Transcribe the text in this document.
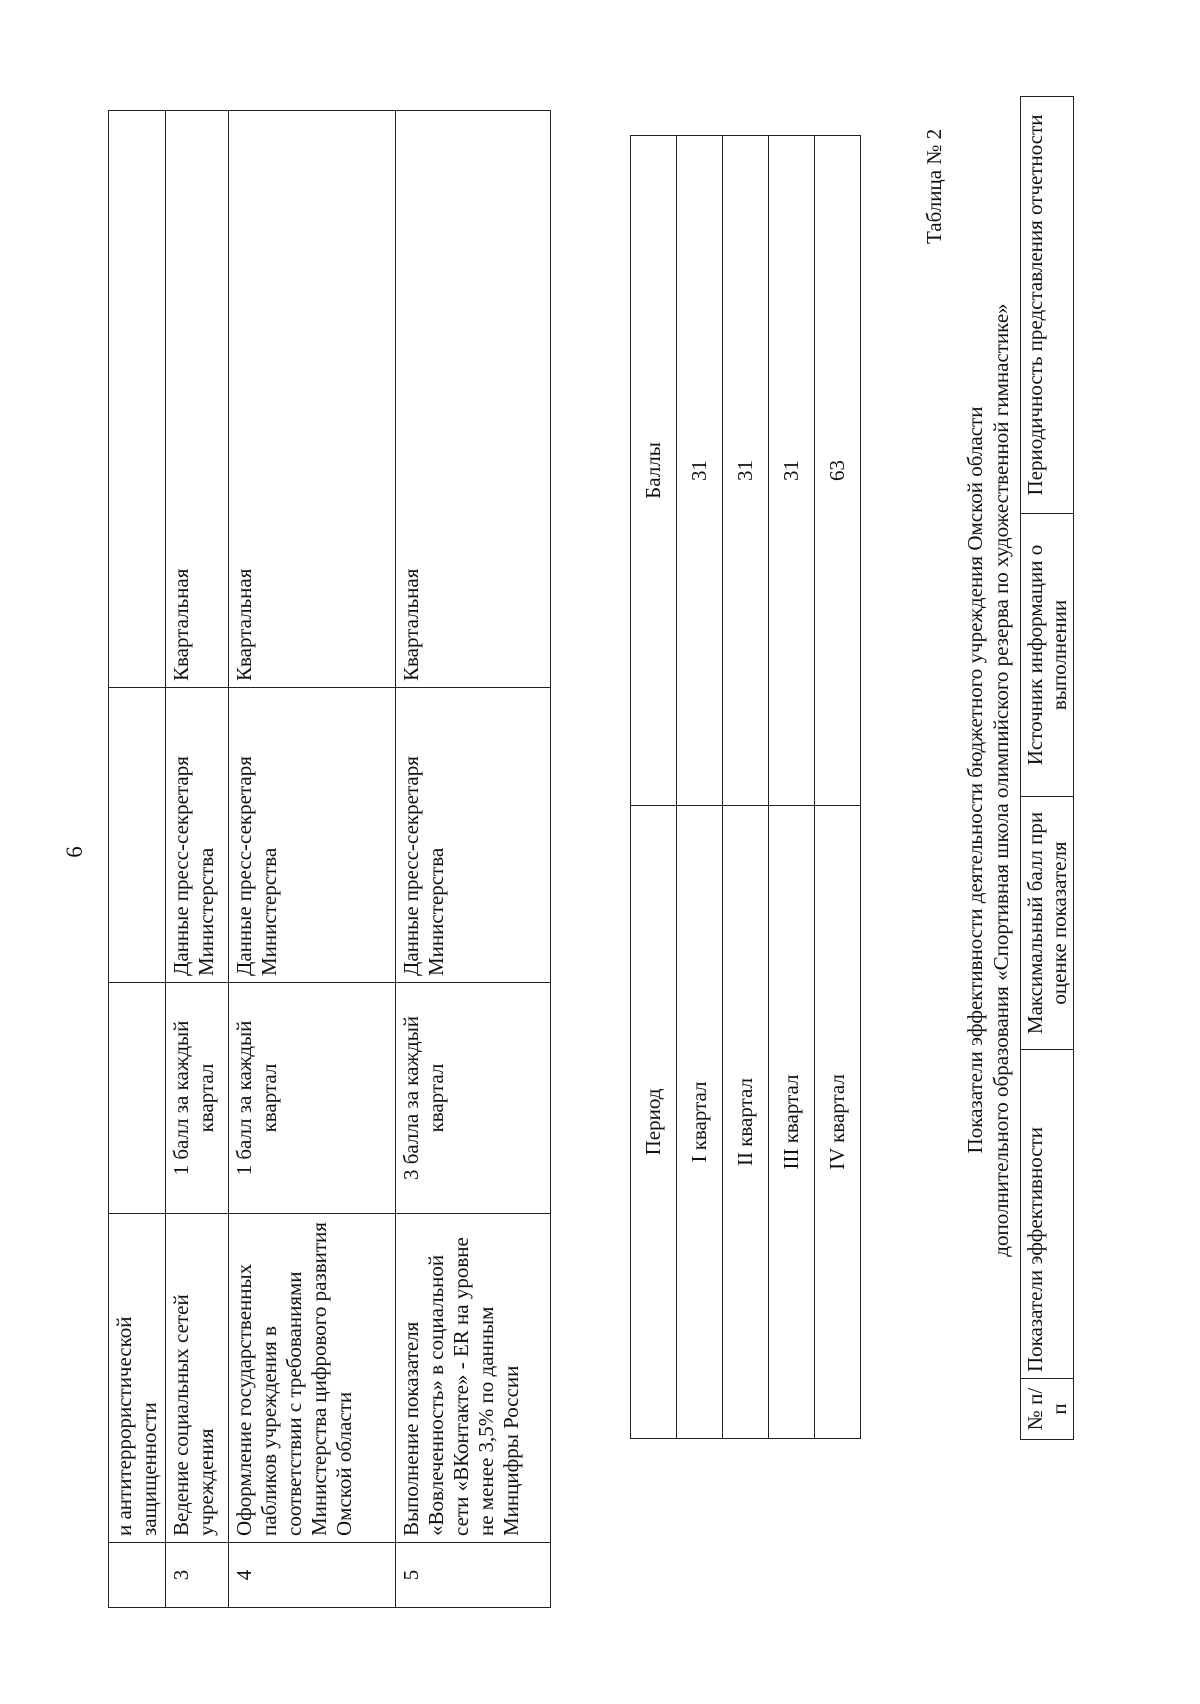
6
	и антитеррористической защищенности			
3	Ведение социальных сетей учреждения	1 балл за каждый квартал	Данные пресс-секретаря Министерства	Квартальная
4	Оформление государственных пабликов учреждения в соответствии с требованиями Министерства цифрового развития Омской области	1 балл за каждый квартал	Данные пресс-секретаря Министерства	Квартальная
5	Выполнение показателя «Вовлеченность» в социальной сети «ВКонтакте» - ER на уровне не менее 3,5% по данным Минцифры России	3 балла за каждый квартал	Данные пресс-секретаря Министерства	Квартальная
Период	Баллы
I квартал	31
II квартал	31
III квартал	31
IV квартал	63
Таблица № 2
Показатели эффективности деятельности бюджетного учреждения Омской области дополнительного образования «Спортивная школа олимпийского резерва по художественной гимнастике»
№ п/п	Показатели эффективности	Максимальный балл при оценке показателя	Источник информации о выполнении	Периодичность представления отчетности
